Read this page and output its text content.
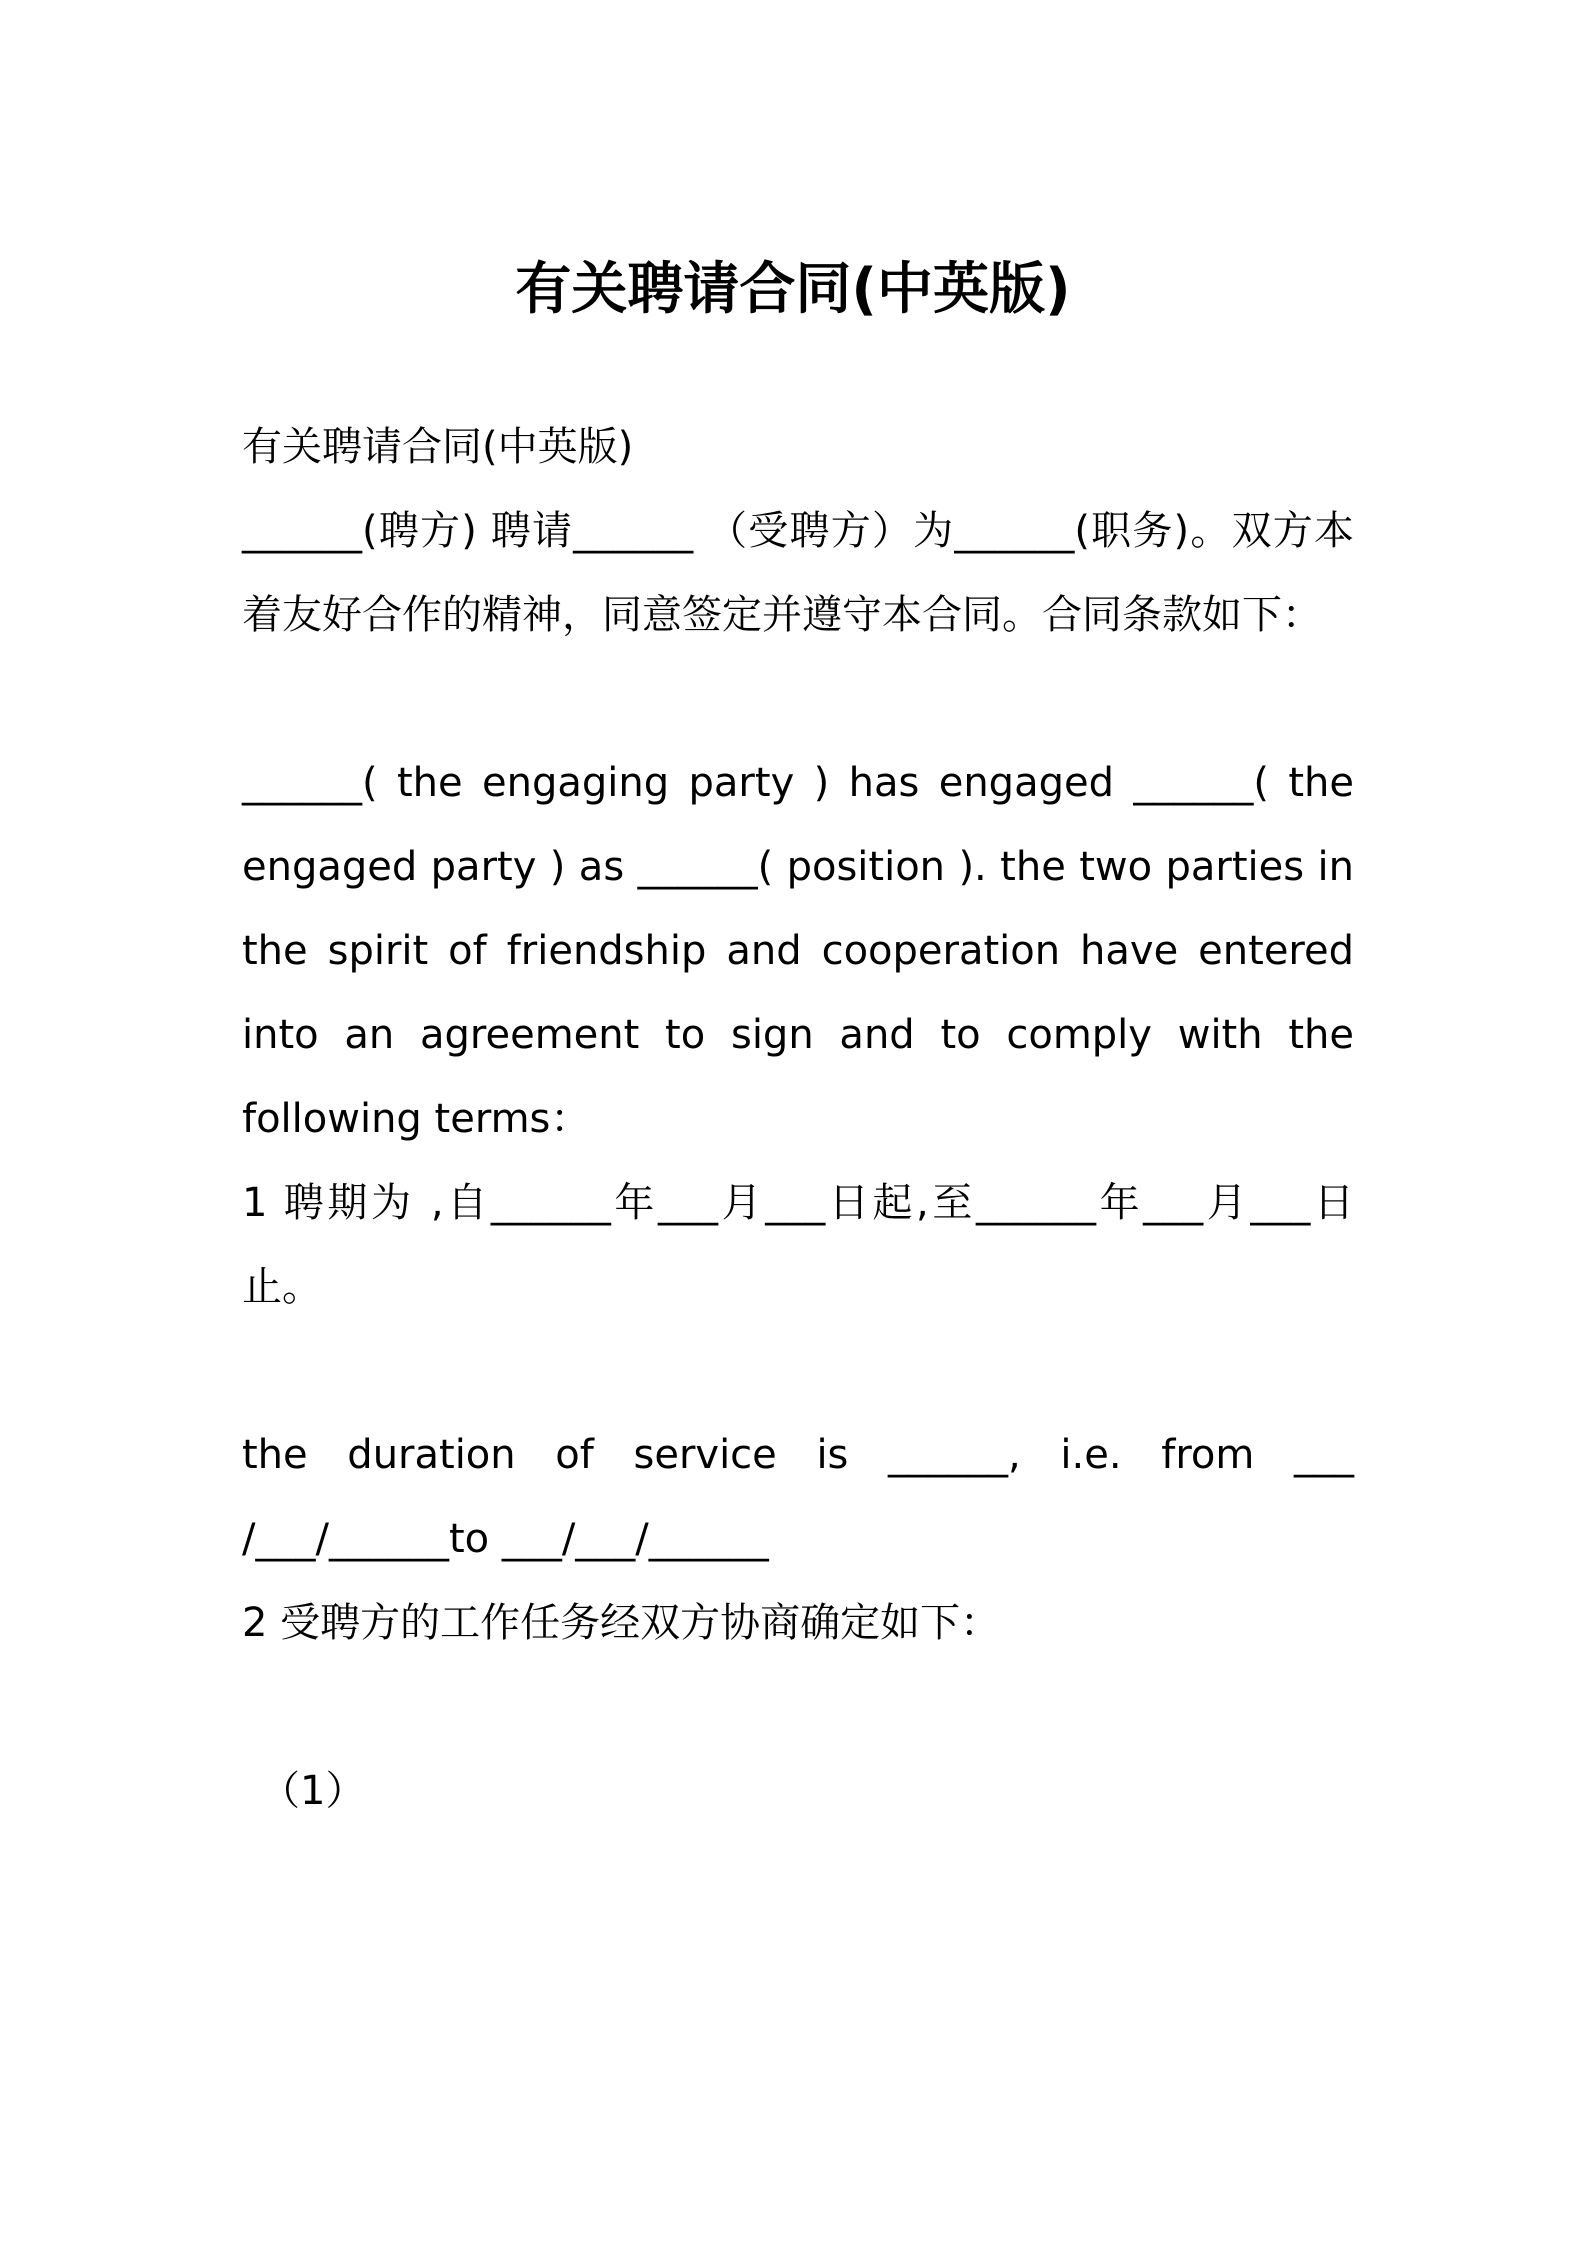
有关聘请合同(中英版)

有关聘请合同(中英版)

______(聘方) 聘请______ （受聘方）为______(职务)。双方本着友好合作的精神，同意签定并遵守本合同。合同条款如下：

______( the engaging party ) has engaged ______( the engaged party ) as ______( position ). the two parties in the spirit of friendship and cooperation have entered into an agreement to sign and to comply with the following terms：

1 聘期为 ,自______年___月___日起,至______年___月___日止。

the duration of service is ______, i.e. from ___ /___/______to ___/___/______

2 受聘方的工作任务经双方协商确定如下：

（1）
